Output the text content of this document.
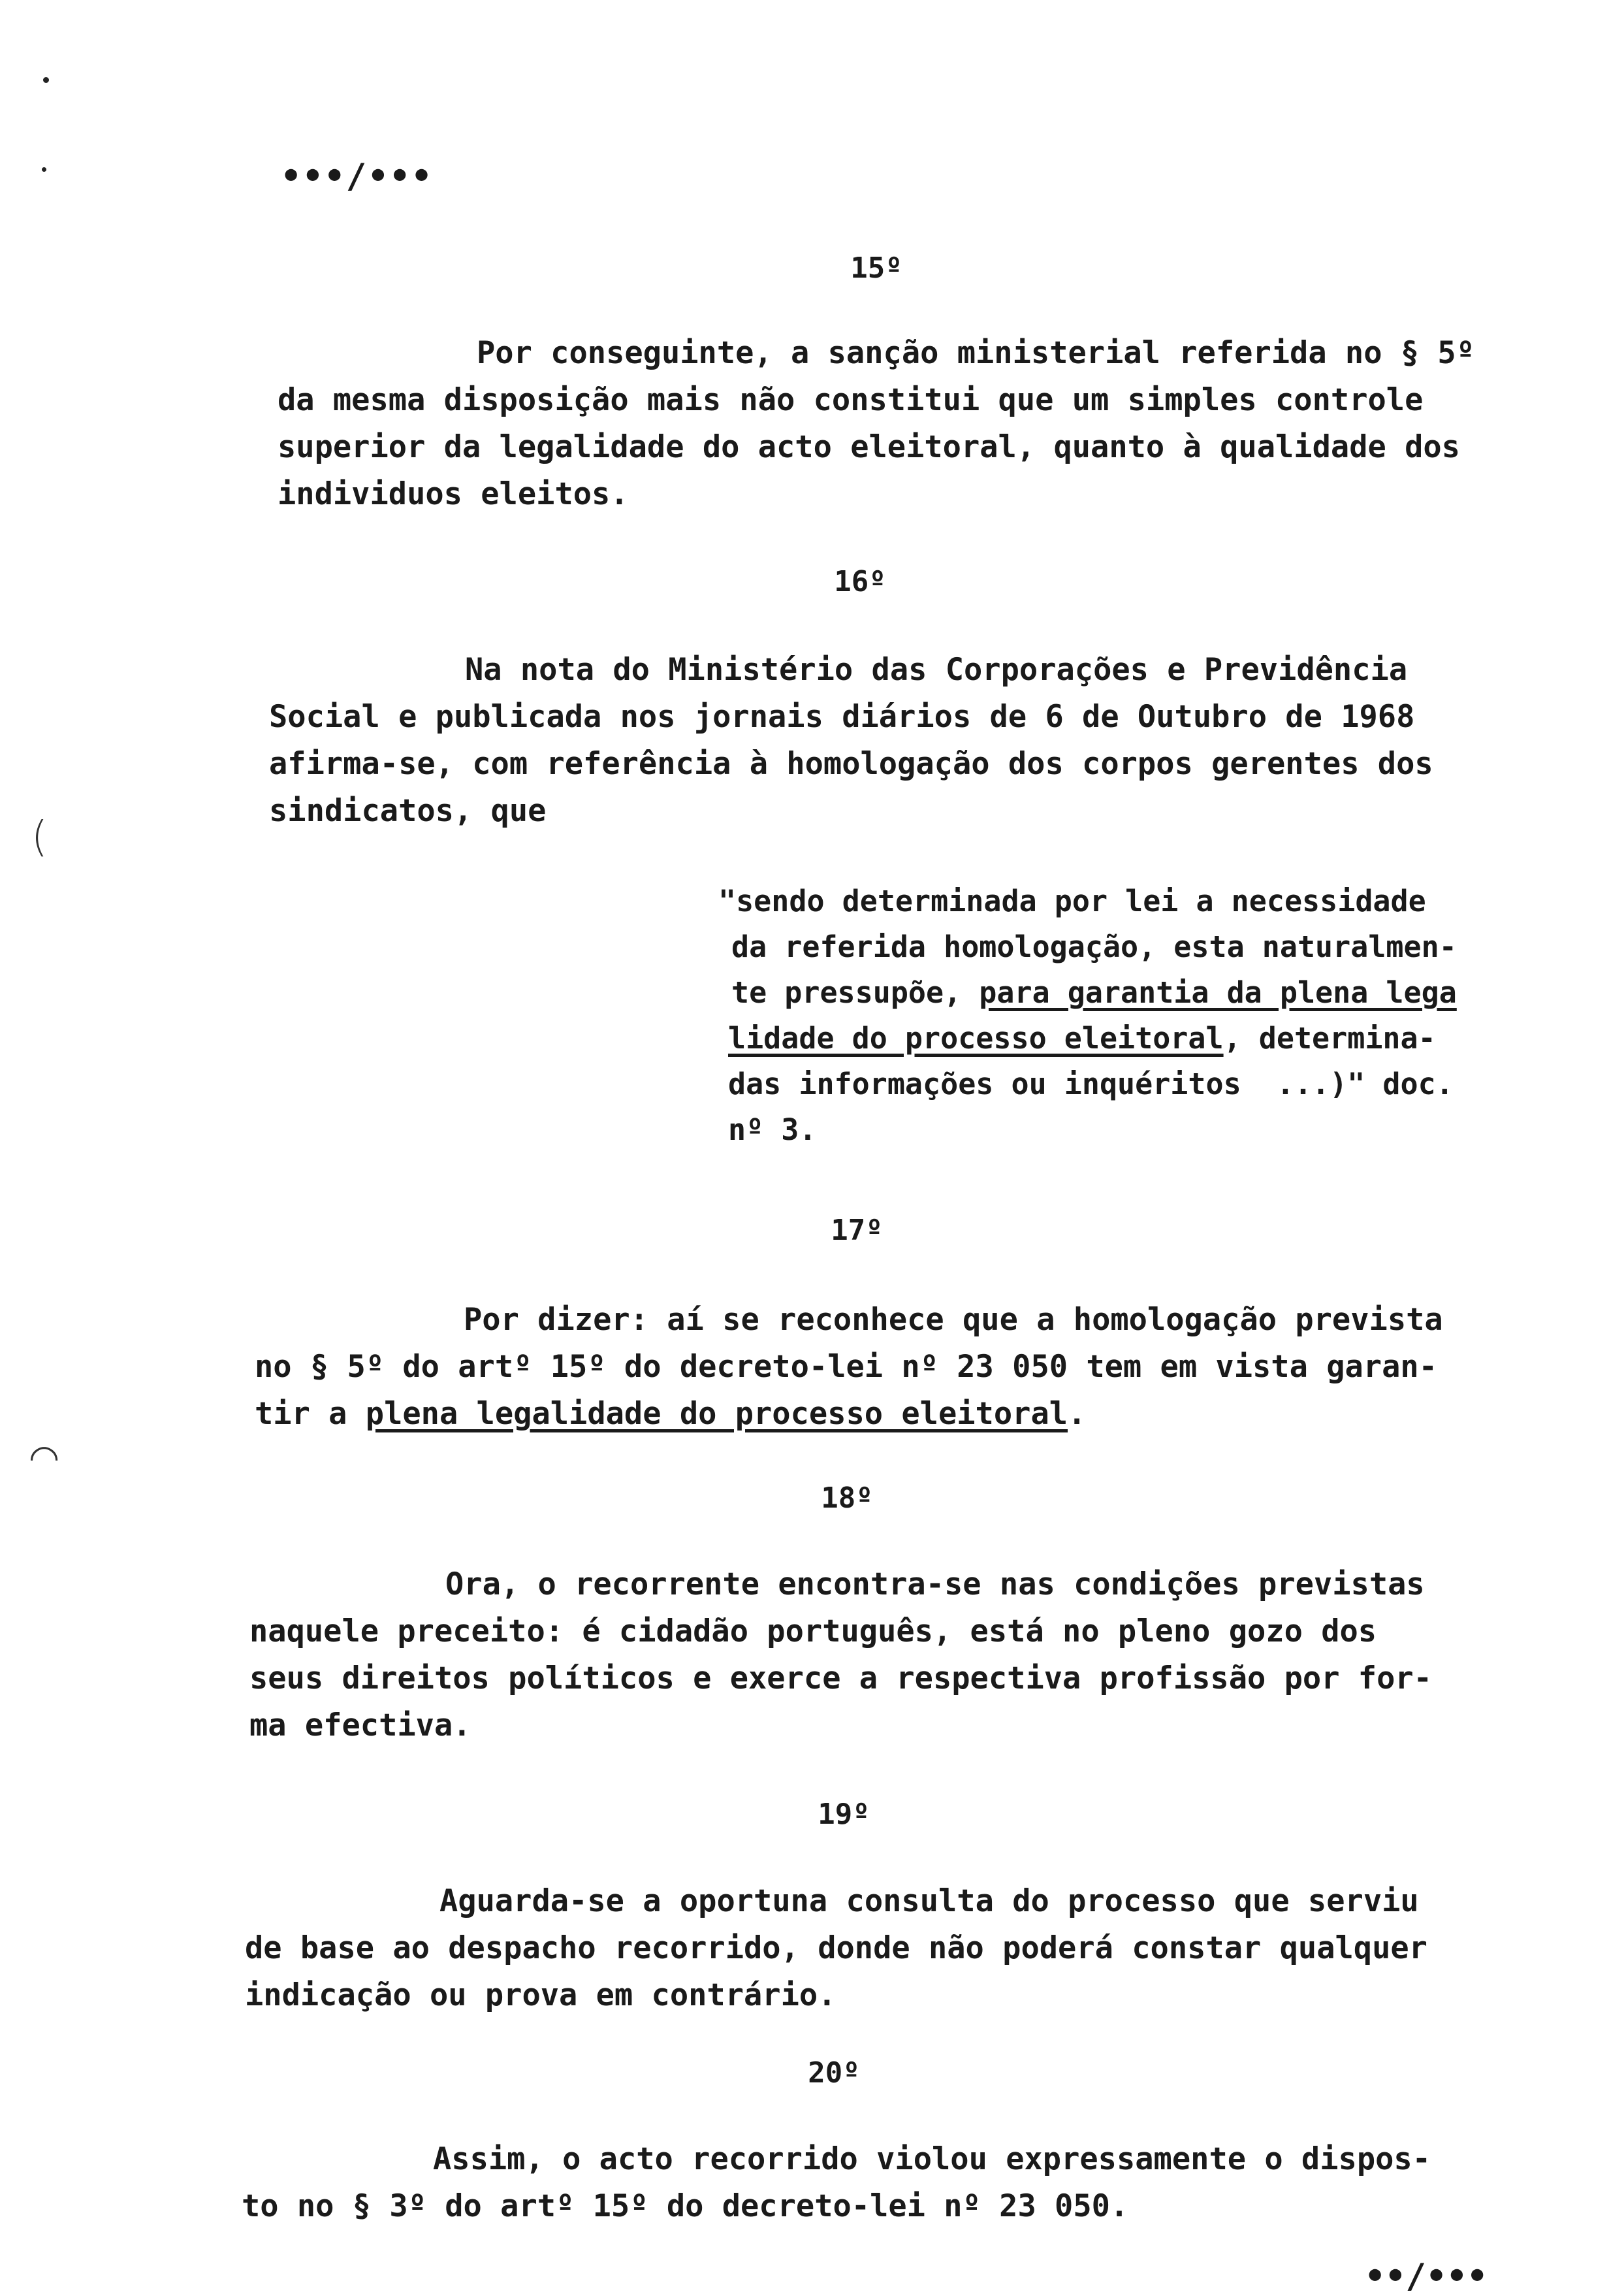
(
◠
•••/•••
15º
Por conseguinte, a sanção ministerial referida no § 5º
da mesma disposição mais não constitui que um simples controle
superior da legalidade do acto eleitoral, quanto à qualidade dos
individuos eleitos.
16º
Na nota do Ministério das Corporações e Previdência
Social e publicada nos jornais diários de 6 de Outubro de 1968
afirma-se, com referência à homologação dos corpos gerentes dos
sindicatos, que
"sendo determinada por lei a necessidade
da referida homologação, esta naturalmen-
te pressupõe, para garantia da plena lega
lidade do processo eleitoral, determina-
das informações ou inquéritos  ...)" doc.
nº 3.
17º
Por dizer: aí se reconhece que a homologação prevista
no § 5º do artº 15º do decreto-lei nº 23 050 tem em vista garan-
tir a plena legalidade do processo eleitoral.
18º
Ora, o recorrente encontra-se nas condições previstas
naquele preceito: é cidadão português, está no pleno gozo dos
seus direitos políticos e exerce a respectiva profissão por for-
ma efectiva.
19º
Aguarda-se a oportuna consulta do processo que serviu
de base ao despacho recorrido, donde não poderá constar qualquer
indicação ou prova em contrário.
20º
Assim, o acto recorrido violou expressamente o dispos-
to no § 3º do artº 15º do decreto-lei nº 23 050.
••/•••
